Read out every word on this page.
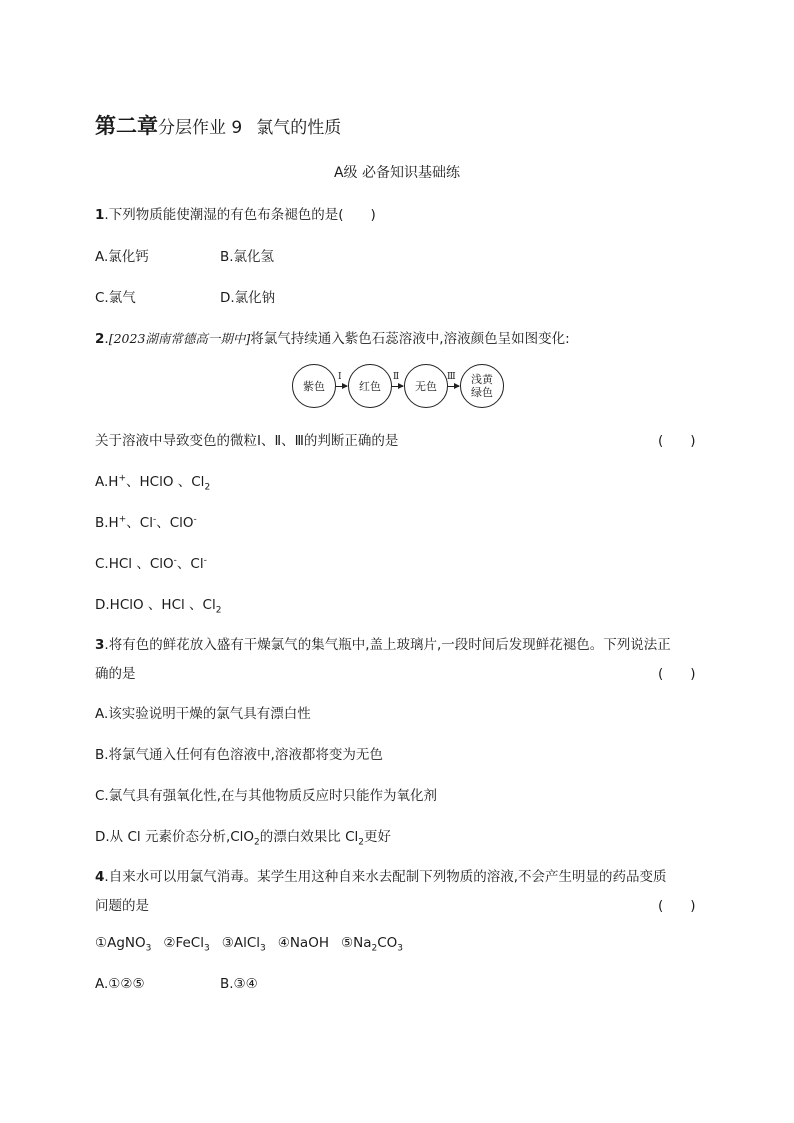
第二章分层作业 9 氯气的性质
A级 必备知识基础练
1.下列物质能使潮湿的有色布条褪色的是(　　)
A.氯化钙	B.氯化氢
C.氯气	D.氯化钠
2.[2023湖南常德高一期中]将氯气持续通入紫色石蕊溶液中,溶液颜色呈如图变化:
紫色
Ⅰ
红色
Ⅱ
无色
Ⅲ 浅黄
绿色
关于溶液中导致变色的微粒Ⅰ、Ⅱ、Ⅲ的判断正确的是	(　　)
A.H+、HClO 、$Cl_2$
B.H+、Cl-、ClO-
C.HCl 、ClO-、Cl-
D.HClO 、HCl 、$Cl_2$
3.将有色的鲜花放入盛有干燥氯气的集气瓶中,盖上玻璃片,一段时间后发现鲜花褪色。下列说法正
确的是	(　　)
A.该实验说明干燥的氯气具有漂白性
B.将氯气通入任何有色溶液中,溶液都将变为无色
C.氯气具有强氧化性,在与其他物质反应时只能作为氧化剂
D.从 Cl 元素价态分析,ClO$_2$的漂白效果比 $Cl_2$更好
4.自来水可以用氯气消毒。某学生用这种自来水去配制下列物质的溶液,不会产生明显的药品变质
问题的是	(　　)
①AgNO$_3$ ②FeCl$_3$ ③AlCl$_3$ ④NaOH $⑤Na_2CO_3$
A.①②⑤	B.③④
